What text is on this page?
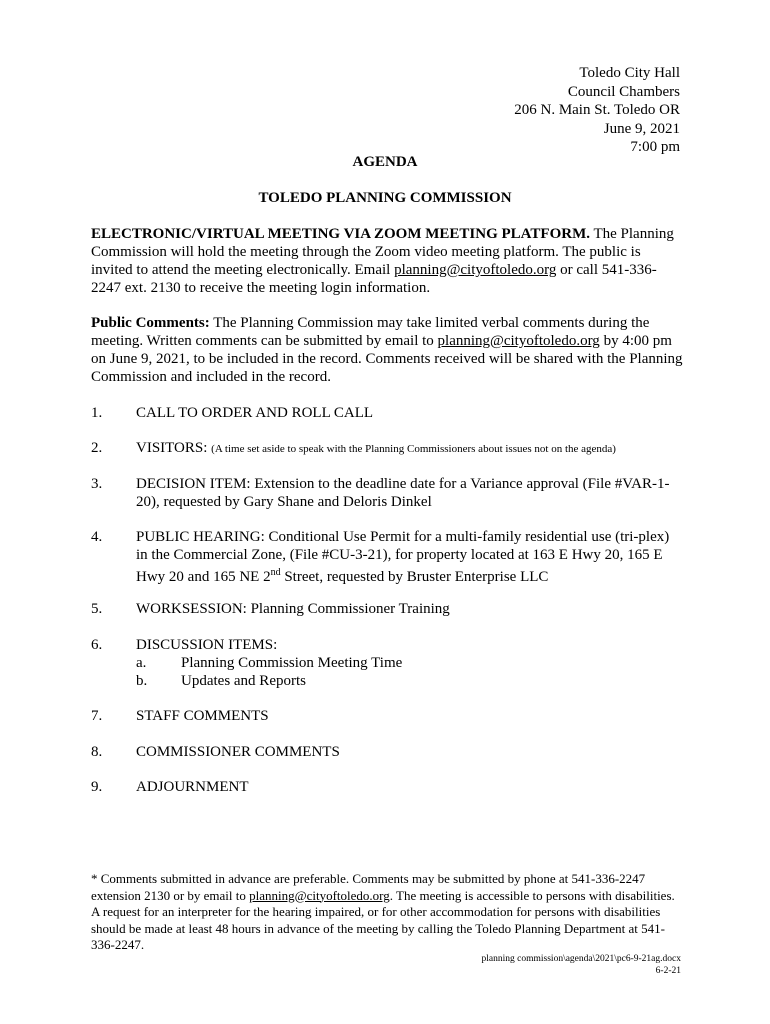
Toledo City Hall
Council Chambers
206 N. Main St. Toledo OR
June 9, 2021
7:00 pm
AGENDA
TOLEDO PLANNING COMMISSION
ELECTRONIC/VIRTUAL MEETING VIA ZOOM MEETING PLATFORM. The Planning Commission will hold the meeting through the Zoom video meeting platform. The public is invited to attend the meeting electronically. Email planning@cityoftoledo.org or call 541-336-2247 ext. 2130 to receive the meeting login information.
Public Comments: The Planning Commission may take limited verbal comments during the meeting. Written comments can be submitted by email to planning@cityoftoledo.org by 4:00 pm on June 9, 2021, to be included in the record. Comments received will be shared with the Planning Commission and included in the record.
1. CALL TO ORDER AND ROLL CALL
2. VISITORS: (A time set aside to speak with the Planning Commissioners about issues not on the agenda)
3. DECISION ITEM: Extension to the deadline date for a Variance approval (File #VAR-1-20), requested by Gary Shane and Deloris Dinkel
4. PUBLIC HEARING: Conditional Use Permit for a multi-family residential use (tri-plex) in the Commercial Zone, (File #CU-3-21), for property located at 163 E Hwy 20, 165 E Hwy 20 and 165 NE 2nd Street, requested by Bruster Enterprise LLC
5. WORKSESSION: Planning Commissioner Training
6. DISCUSSION ITEMS:
a. Planning Commission Meeting Time
b. Updates and Reports
7. STAFF COMMENTS
8. COMMISSIONER COMMENTS
9. ADJOURNMENT
* Comments submitted in advance are preferable. Comments may be submitted by phone at 541-336-2247 extension 2130 or by email to planning@cityoftoledo.org. The meeting is accessible to persons with disabilities. A request for an interpreter for the hearing impaired, or for other accommodation for persons with disabilities should be made at least 48 hours in advance of the meeting by calling the Toledo Planning Department at 541-336-2247.
planning commission\agenda\2021\pc6-9-21ag.docx
6-2-21
